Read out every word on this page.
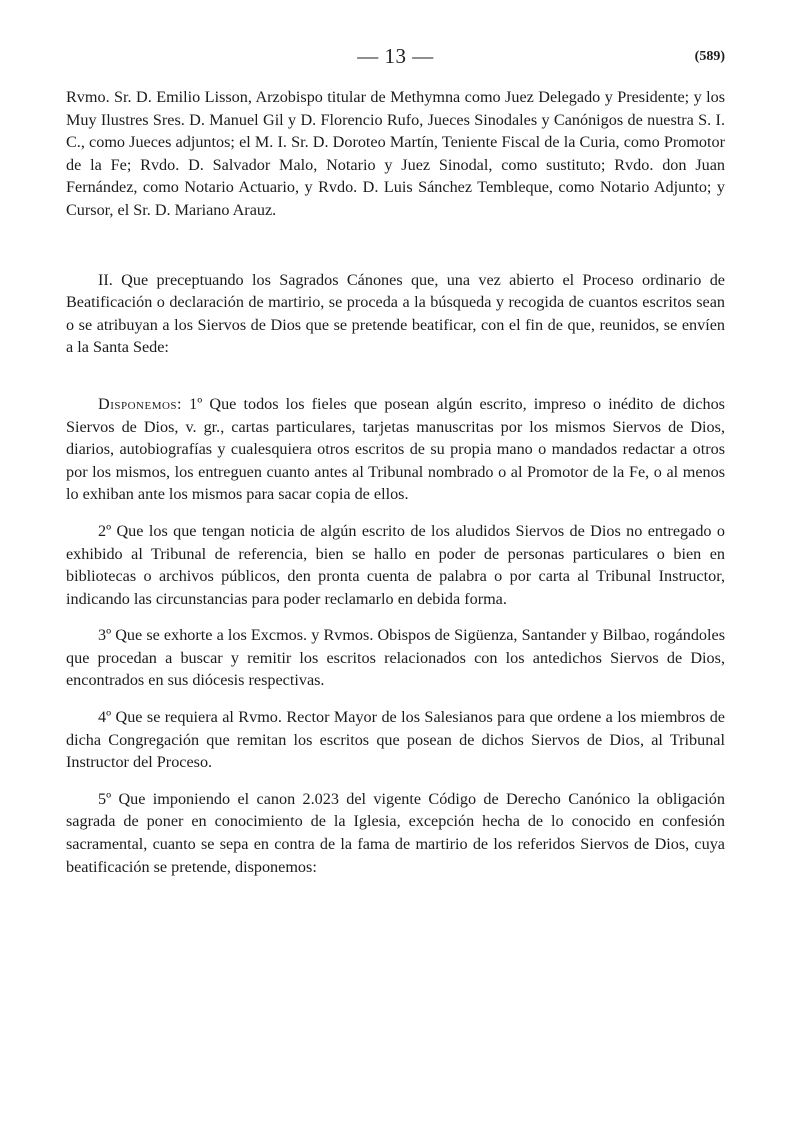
— 13 —	(589)

Rvmo. Sr. D. Emilio Lisson, Arzobispo titular de Methymna como Juez Delegado y Presidente; y los Muy Ilustres Sres. D. Manuel Gil y D. Florencio Rufo, Jueces Sinodales y Canónigos de nuestra S. I. C., como Jueces adjuntos; el M. I. Sr. D. Doroteo Martín, Teniente Fiscal de la Curia, como Promotor de la Fe; Rvdo. D. Salvador Malo, Notario y Juez Sinodal, como sustituto; Rvdo. don Juan Fernández, como Notario Actuario, y Rvdo. D. Luis Sánchez Tembleque, como Notario Adjunto; y Cursor, el Sr. D. Mariano Arauz.

II. Que preceptuando los Sagrados Cánones que, una vez abierto el Proceso ordinario de Beatificación o declaración de martirio, se proceda a la búsqueda y recogida de cuantos escritos sean o se atribuyan a los Siervos de Dios que se pretende beatificar, con el fin de que, reunidos, se envíen a la Santa Sede:

Disponemos: 1º Que todos los fieles que posean algún escrito, impreso o inédito de dichos Siervos de Dios, v. gr., cartas particulares, tarjetas manuscritas por los mismos Siervos de Dios, diarios, autobiografías y cualesquiera otros escritos de su propia mano o mandados redactar a otros por los mismos, los entreguen cuanto antes al Tribunal nombrado o al Promotor de la Fe, o al menos lo exhiban ante los mismos para sacar copia de ellos.

2º Que los que tengan noticia de algún escrito de los aludidos Siervos de Dios no entregado o exhibido al Tribunal de referencia, bien se hallo en poder de personas particulares o bien en bibliotecas o archivos públicos, den pronta cuenta de palabra o por carta al Tribunal Instructor, indicando las circunstancias para poder reclamarlo en debida forma.

3º Que se exhorte a los Excmos. y Rvmos. Obispos de Sigüenza, Santander y Bilbao, rogándoles que procedan a buscar y remitir los escritos relacionados con los antedichos Siervos de Dios, encontrados en sus diócesis respectivas.

4º Que se requiera al Rvmo. Rector Mayor de los Salesianos para que ordene a los miembros de dicha Congregación que remitan los escritos que posean de dichos Siervos de Dios, al Tribunal Instructor del Proceso.

5º Que imponiendo el canon 2.023 del vigente Código de Derecho Canónico la obligación sagrada de poner en conocimiento de la Iglesia, excepción hecha de lo conocido en confesión sacramental, cuanto se sepa en contra de la fama de martirio de los referidos Siervos de Dios, cuya beatificación se pretende, disponemos:
